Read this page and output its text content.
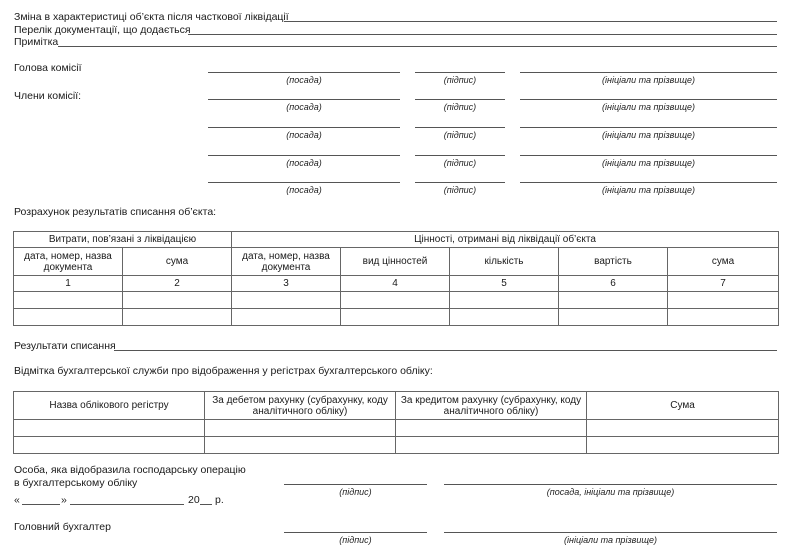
Зміна в характеристиці об’єкта після часткової ліквідації
Перелік документації, що додається
Примітка
Голова комісії
Члени комісії:
(посада)	(підпис)	(ініціали та прізвище)
(посада)	(підпис)	(ініціали та прізвище)
(посада)	(підпис)	(ініціали та прізвище)
(посада)	(підпис)	(ініціали та прізвище)
(посада)	(підпис)	(ініціали та прізвище)
Розрахунок результатів списання об’єкта:
Витрати, пов’язані з ліквідацією		Цінності, отримані від ліквідації об’єкта				
дата, номер, назва документа	сума	дата, номер, назва документа	вид цінностей	кількість	вартість	сума
1	2	3	4	5	6	7

Результати списання
Відмітка бухгалтерської служби про відображення у регістрах бухгалтерського обліку:
Назва облікового регістру	За дебетом рахунку (субрахунку, коду аналітичного обліку)	За кредитом рахунку (субрахунку, коду аналітичного обліку)	Сума

Особа, яка відобразила господарську операцію
в бухгалтерському обліку
(підпис)	(посада, ініціали та прізвище)
«	»	20 р.
Головний бухгалтер
(підпис)	(ініціали та прізвище)
